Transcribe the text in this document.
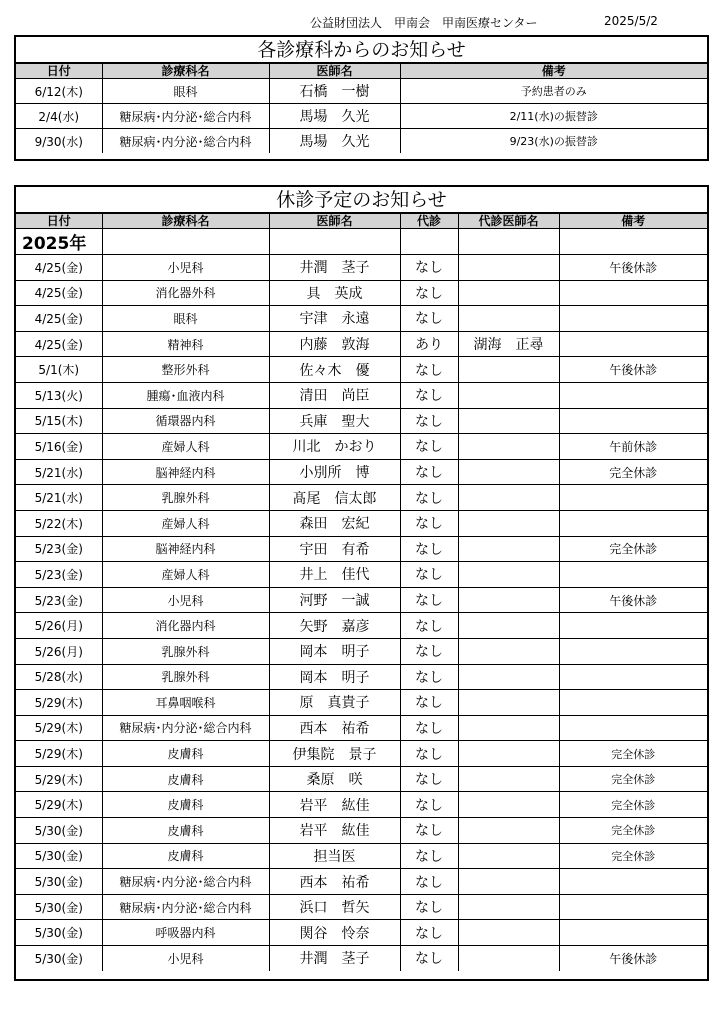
公益財団法人　甲南会　甲南医療センター	2025/5/2
各診療科からのお知らせ
日付	診療科名	医師名	備考
6/12(木)	眼科	石橋　一樹	予約患者のみ
2/4(水)	糖尿病･内分泌･総合内科	馬場　久光	2/11(水)の振替診
9/30(水)	糖尿病･内分泌･総合内科	馬場　久光	9/23(水)の振替診
休診予定のお知らせ
日付	診療科名	医師名	代診	代診医師名	備考
2025年					
4/25(金)	小児科	井潤　茎子	なし		午後休診
4/25(金)	消化器外科	具　英成	なし		
4/25(金)	眼科	宇津　永遠	なし		
4/25(金)	精神科	内藤　敦海	あり	湖海　正尋	
5/1(木)	整形外科	佐々木　優	なし		午後休診
5/13(火)	腫瘍･血液内科	清田　尚臣	なし		
5/15(木)	循環器内科	兵庫　聖大	なし		
5/16(金)	産婦人科	川北　かおり	なし		午前休診
5/21(水)	脳神経内科	小別所　博	なし		完全休診
5/21(水)	乳腺外科	髙尾　信太郎	なし		
5/22(木)	産婦人科	森田　宏紀	なし		
5/23(金)	脳神経内科	宇田　有希	なし		完全休診
5/23(金)	産婦人科	井上　佳代	なし		
5/23(金)	小児科	河野　一誠	なし		午後休診
5/26(月)	消化器内科	矢野　嘉彦	なし		
5/26(月)	乳腺外科	岡本　明子	なし		
5/28(水)	乳腺外科	岡本　明子	なし		
5/29(木)	耳鼻咽喉科	原　真貴子	なし		
5/29(木)	糖尿病･内分泌･総合内科	西本　祐希	なし		
5/29(木)	皮膚科	伊集院　景子	なし		完全休診
5/29(木)	皮膚科	桑原　咲	なし		完全休診
5/29(木)	皮膚科	岩平　紘佳	なし		完全休診
5/30(金)	皮膚科	岩平　紘佳	なし		完全休診
5/30(金)	皮膚科	担当医	なし		完全休診
5/30(金)	糖尿病･内分泌･総合内科	西本　祐希	なし		
5/30(金)	糖尿病･内分泌･総合内科	浜口　哲矢	なし		
5/30(金)	呼吸器内科	関谷　怜奈	なし		
5/30(金)	小児科	井潤　茎子	なし		午後休診
